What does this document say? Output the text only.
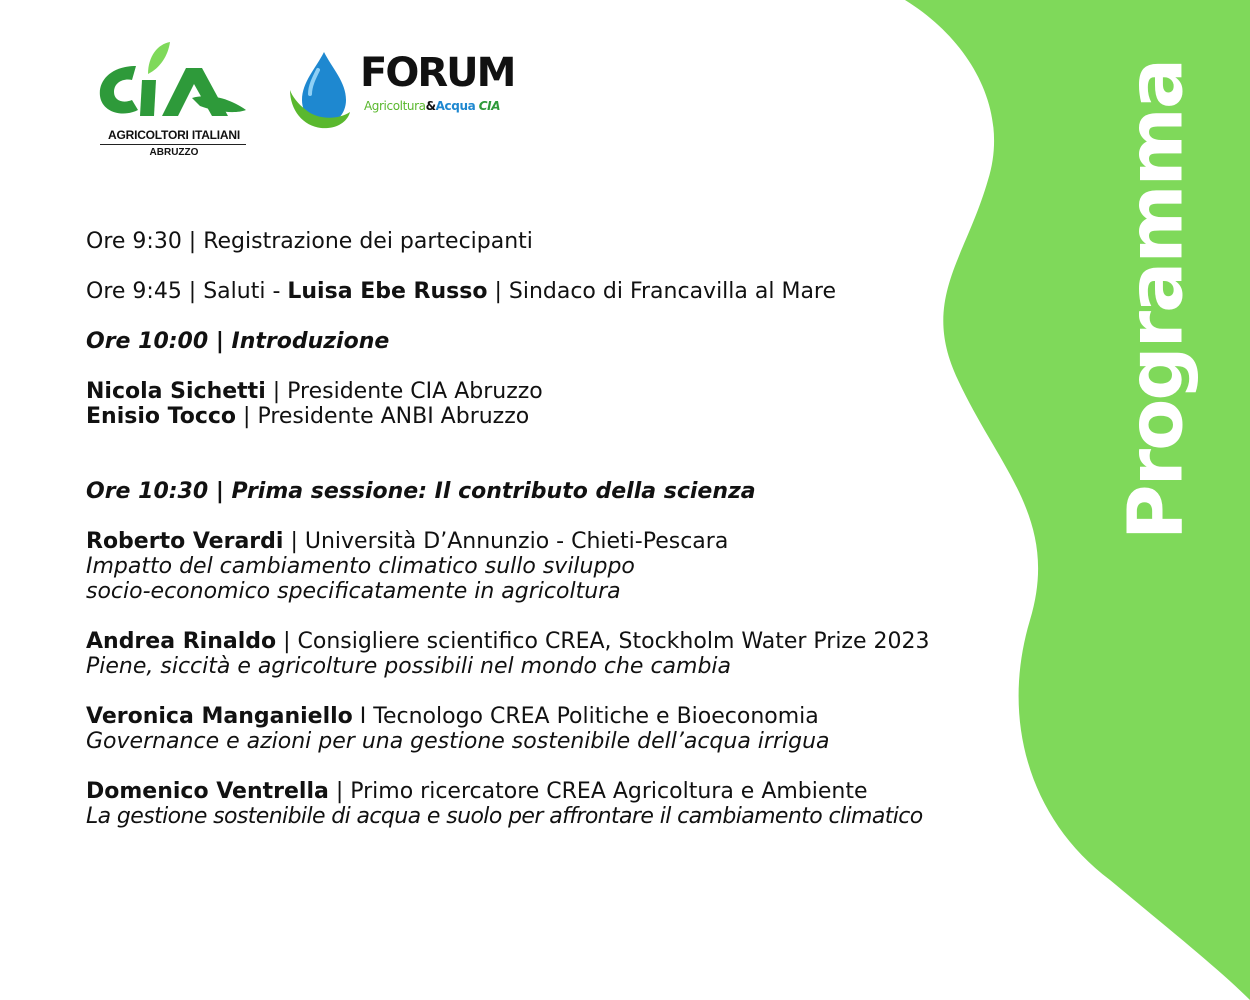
Programma
AGRICOLTORI ITALIANI
ABRUZZO
FORUM
Agricoltura&Acqua CIA

Ore 9:30 | Registrazione dei partecipanti

Ore 9:45 | Saluti - Luisa Ebe Russo | Sindaco di Francavilla al Mare

Ore 10:00 | Introduzione

Nicola Sichetti | Presidente CIA Abruzzo

Enisio Tocco | Presidente ANBI Abruzzo

Ore 10:30 | Prima sessione: Il contributo della scienza

Roberto Verardi | Università D’Annunzio - Chieti-Pescara

Impatto del cambiamento climatico sullo sviluppo

socio-economico specificatamente in agricoltura

Andrea Rinaldo | Consigliere scientifico CREA, Stockholm Water Prize 2023

Piene, siccità e agricolture possibili nel mondo che cambia

Veronica Manganiello I Tecnologo CREA Politiche e Bioeconomia

Governance e azioni per una gestione sostenibile dell’acqua irrigua

Domenico Ventrella | Primo ricercatore CREA Agricoltura e Ambiente

La gestione sostenibile di acqua e suolo per affrontare il cambiamento climatico
